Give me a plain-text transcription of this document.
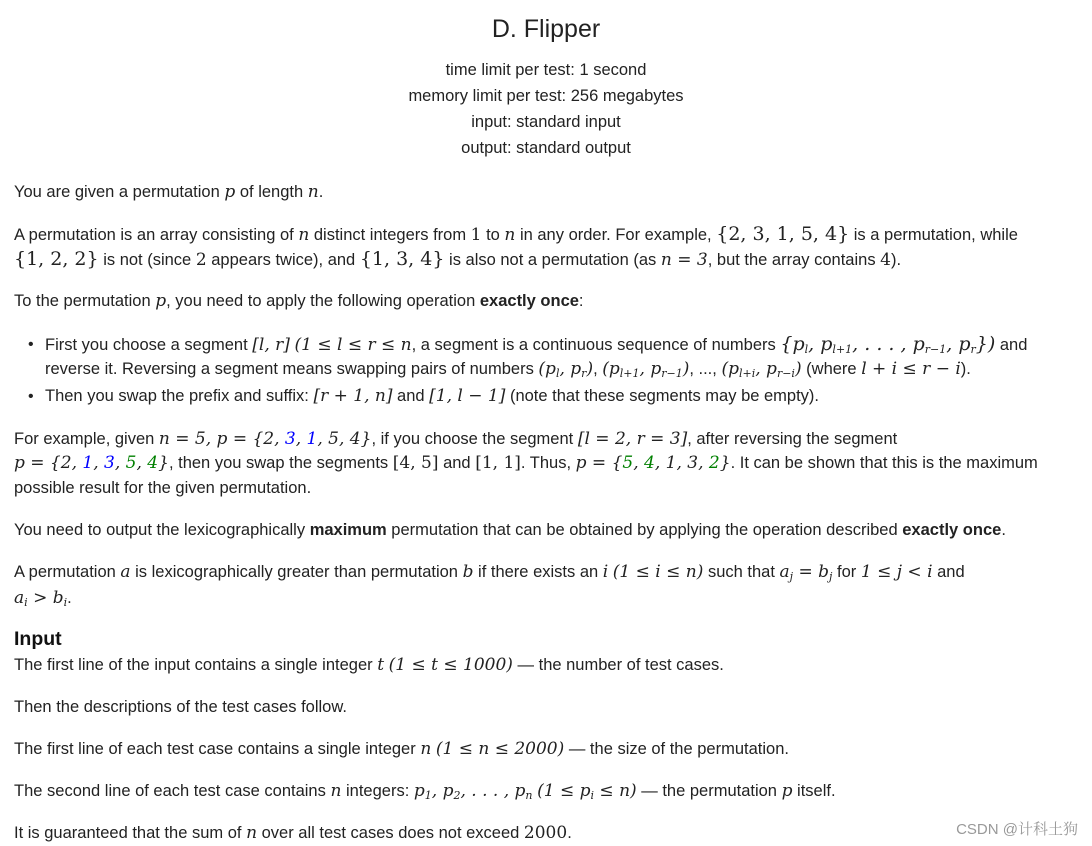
D. Flipper
time limit per test: 1 second
memory limit per test: 256 megabytes
input: standard input
output: standard output
You are given a permutation p of length n.
A permutation is an array consisting of n distinct integers from 1 to n in any order. For example, {2, 3, 1, 5, 4} is a permutation, while
{1, 2, 2} is not (since 2 appears twice), and {1, 3, 4} is also not a permutation (as n = 3, but the array contains 4).
To the permutation p, you need to apply the following operation exactly once:
• First you choose a segment [l, r] (1 ≤ l ≤ r ≤ n, a segment is a continuous sequence of numbers {$p_l$, $p_{l+1}$, . . . , $p_{r-1}$, $p_r$}) and
reverse it. Reversing a segment means swapping pairs of numbers ($p_l$, $p_r$), ($p_{l+1}$, $p_{r-1}$), ..., ($p_{l+i}$, $p_{r-i}$) (where l + i ≤ r − i).
• Then you swap the prefix and suffix: [r + 1, n] and [1, l − 1] (note that these segments may be empty).
For example, given n = 5, p = {2, 3, 1, 5, 4}, if you choose the segment [l = 2, r = 3], after reversing the segment
p = {2, 1, 3, 5, 4}, then you swap the segments [4, 5] and [1, 1]. Thus, p = {5, 4, 1, 3, 2}. It can be shown that this is the maximum
possible result for the given permutation.
You need to output the lexicographically maximum permutation that can be obtained by applying the operation described exactly once.
A permutation a is lexicographically greater than permutation b if there exists an i (1 ≤ i ≤ n) such that $a_j = b_j$ for 1 ≤ j < i and
$a_i > b_i$.
Input
The first line of the input contains a single integer t (1 ≤ t ≤ 1000) — the number of test cases.
Then the descriptions of the test cases follow.
The first line of each test case contains a single integer n (1 ≤ n ≤ 2000) — the size of the permutation.
The second line of each test case contains n integers: $p_1$, $p_2$, . . . , $p_n$ $(1 \le p_i \le n)$ — the permutation p itself.
It is guaranteed that the sum of n over all test cases does not exceed 2000.	CSDN @计科土狗
